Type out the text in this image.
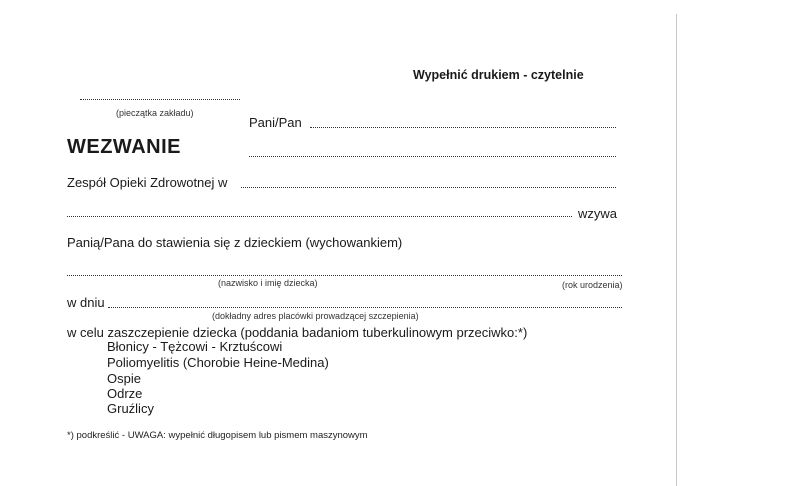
Wypełnić drukiem - czytelnie
(pieczątka zakładu)
Pani/Pan
WEZWANIE
Zespół Opieki Zdrowotnej w
wzywa
Panią/Pana do stawienia się z dzieckiem (wychowankiem)
(nazwisko i imię dziecka)	(rok urodzenia)
w dniu
(dokładny adres placówki prowadzącej szczepienia)
w celu zaszczepienie dziecka (poddania badaniom tuberkulinowym przeciwko:*)
Błonicy - Tężcowi - Krztuścowi
Poliomyelitis (Chorobie Heine-Medina)
Ospie
Odrze
Gruźlicy
*) podkreślić - UWAGA: wypełnić długopisem lub pismem maszynowym
